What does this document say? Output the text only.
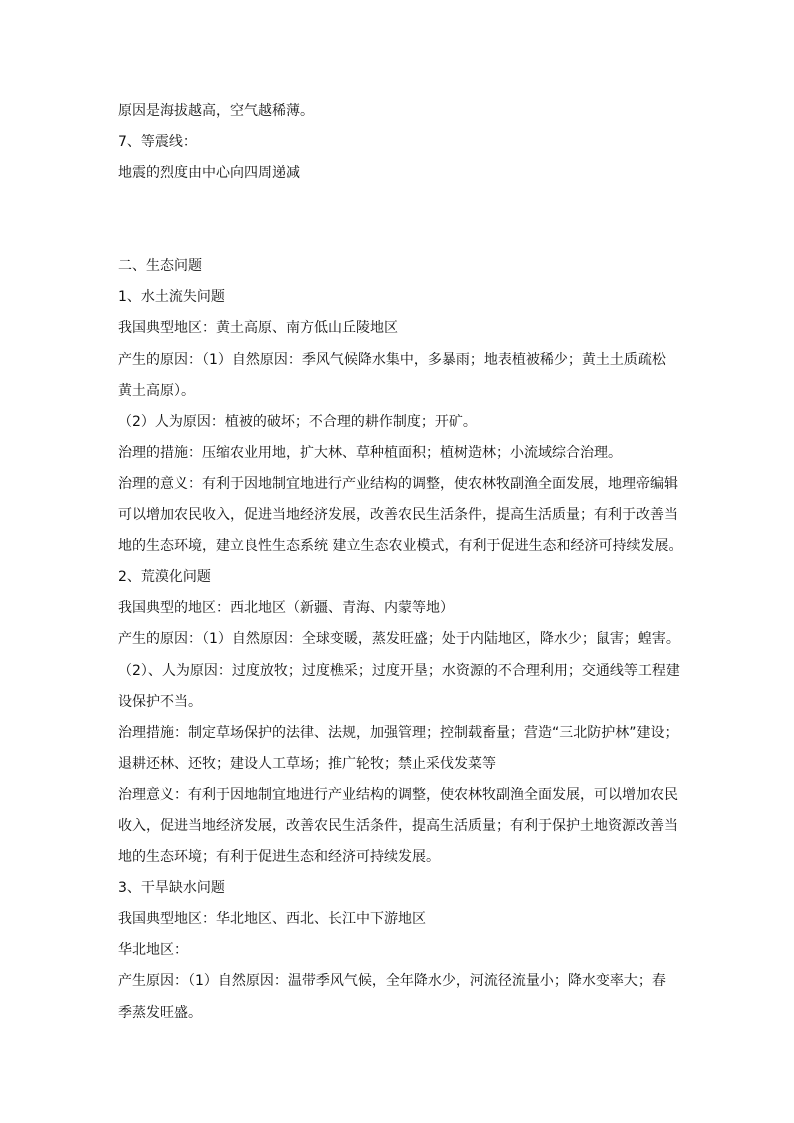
原因是海拔越高，空气越稀薄。
7、等震线：
地震的烈度由中心向四周递减
二、生态问题
1、水土流失问题
我国典型地区：黄土高原、南方低山丘陵地区
产生的原因：（1）自然原因：季风气候降水集中，多暴雨；地表植被稀少；黄土土质疏松
黄土高原）。
（2）人为原因：植被的破坏；不合理的耕作制度；开矿。
治理的措施：压缩农业用地，扩大林、草种植面积；植树造林；小流域综合治理。
治理的意义：有利于因地制宜地进行产业结构的调整，使农林牧副渔全面发展，地理帝编辑
可以增加农民收入，促进当地经济发展，改善农民生活条件，提高生活质量；有利于改善当
地的生态环境，建立良性生态系统 建立生态农业模式，有利于促进生态和经济可持续发展。
2、荒漠化问题
我国典型的地区：西北地区（新疆、青海、内蒙等地）
产生的原因：（1）自然原因：全球变暖，蒸发旺盛；处于内陆地区，降水少；鼠害；蝗害。
（2）、人为原因：过度放牧；过度樵采；过度开垦；水资源的不合理利用；交通线等工程建
设保护不当。
治理措施：制定草场保护的法律、法规，加强管理；控制载畜量；营造“三北防护林”建设；
退耕还林、还牧；建设人工草场；推广轮牧；禁止采伐发菜等
治理意义：有利于因地制宜地进行产业结构的调整，使农林牧副渔全面发展，可以增加农民
收入，促进当地经济发展，改善农民生活条件，提高生活质量；有利于保护土地资源改善当
地的生态环境；有利于促进生态和经济可持续发展。
3、干旱缺水问题
我国典型地区：华北地区、西北、长江中下游地区
华北地区：
产生原因：（1）自然原因：温带季风气候，全年降水少，河流径流量小；降水变率大；春
季蒸发旺盛。
